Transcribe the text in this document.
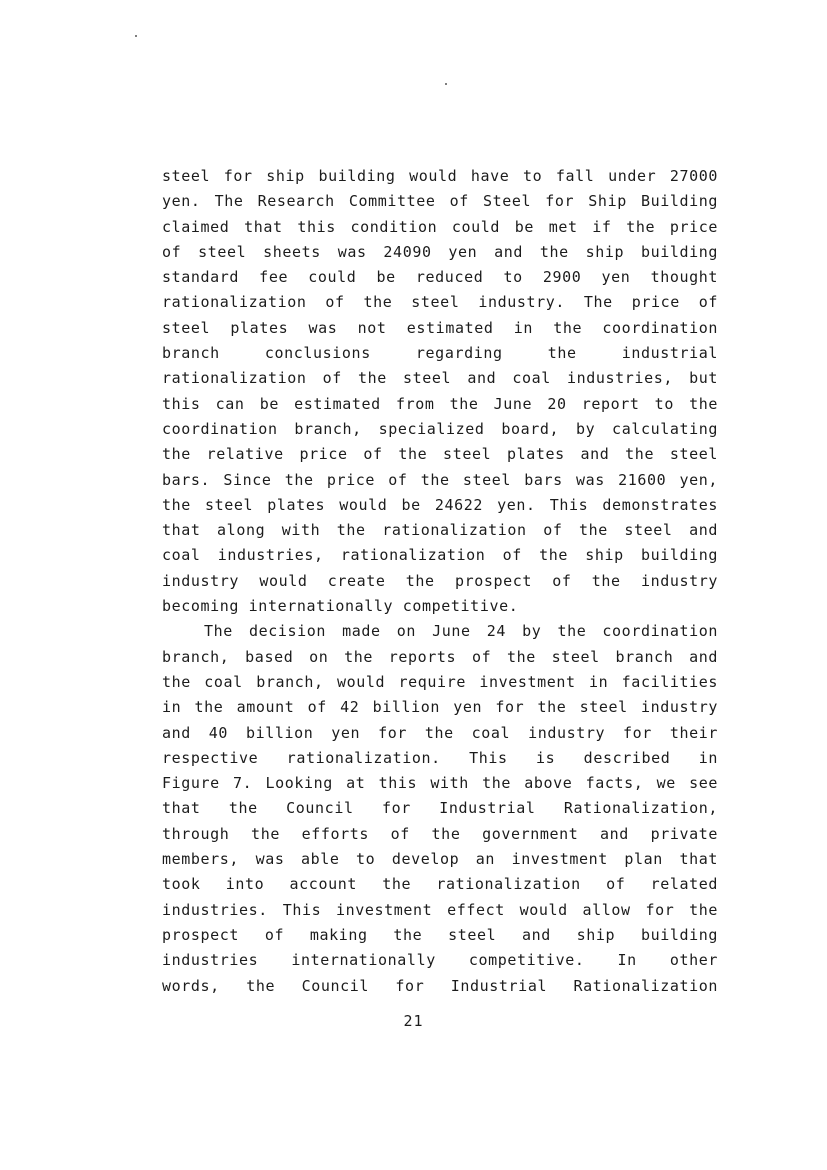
steel for ship building would have to fall under 27000
yen. The Research Committee of Steel for Ship Building
claimed that this condition could be met if the price
of steel sheets was 24090 yen and the ship building
standard fee could be reduced to 2900 yen thought
rationalization of the steel industry. The price of
steel plates was not estimated in the coordination
branch conclusions regarding the industrial
rationalization of the steel and coal industries, but
this can be estimated from the June 20 report to the
coordination branch, specialized board, by calculating
the relative price of the steel plates and the steel
bars. Since the price of the steel bars was 21600 yen,
the steel plates would be 24622 yen. This demonstrates
that along with the rationalization of the steel and
coal industries, rationalization of the ship building
industry would create the prospect of the industry
becoming internationally competitive.
The decision made on June 24 by the coordination
branch, based on the reports of the steel branch and
the coal branch, would require investment in facilities
in the amount of 42 billion yen for the steel industry
and 40 billion yen for the coal industry for their
respective rationalization. This is described in
Figure 7. Looking at this with the above facts, we see
that the Council for Industrial Rationalization,
through the efforts of the government and private
members, was able to develop an investment plan that
took into account the rationalization of related
industries. This investment effect would allow for the
prospect of making the steel and ship building
industries internationally competitive. In other
words, the Council for Industrial Rationalization
21
